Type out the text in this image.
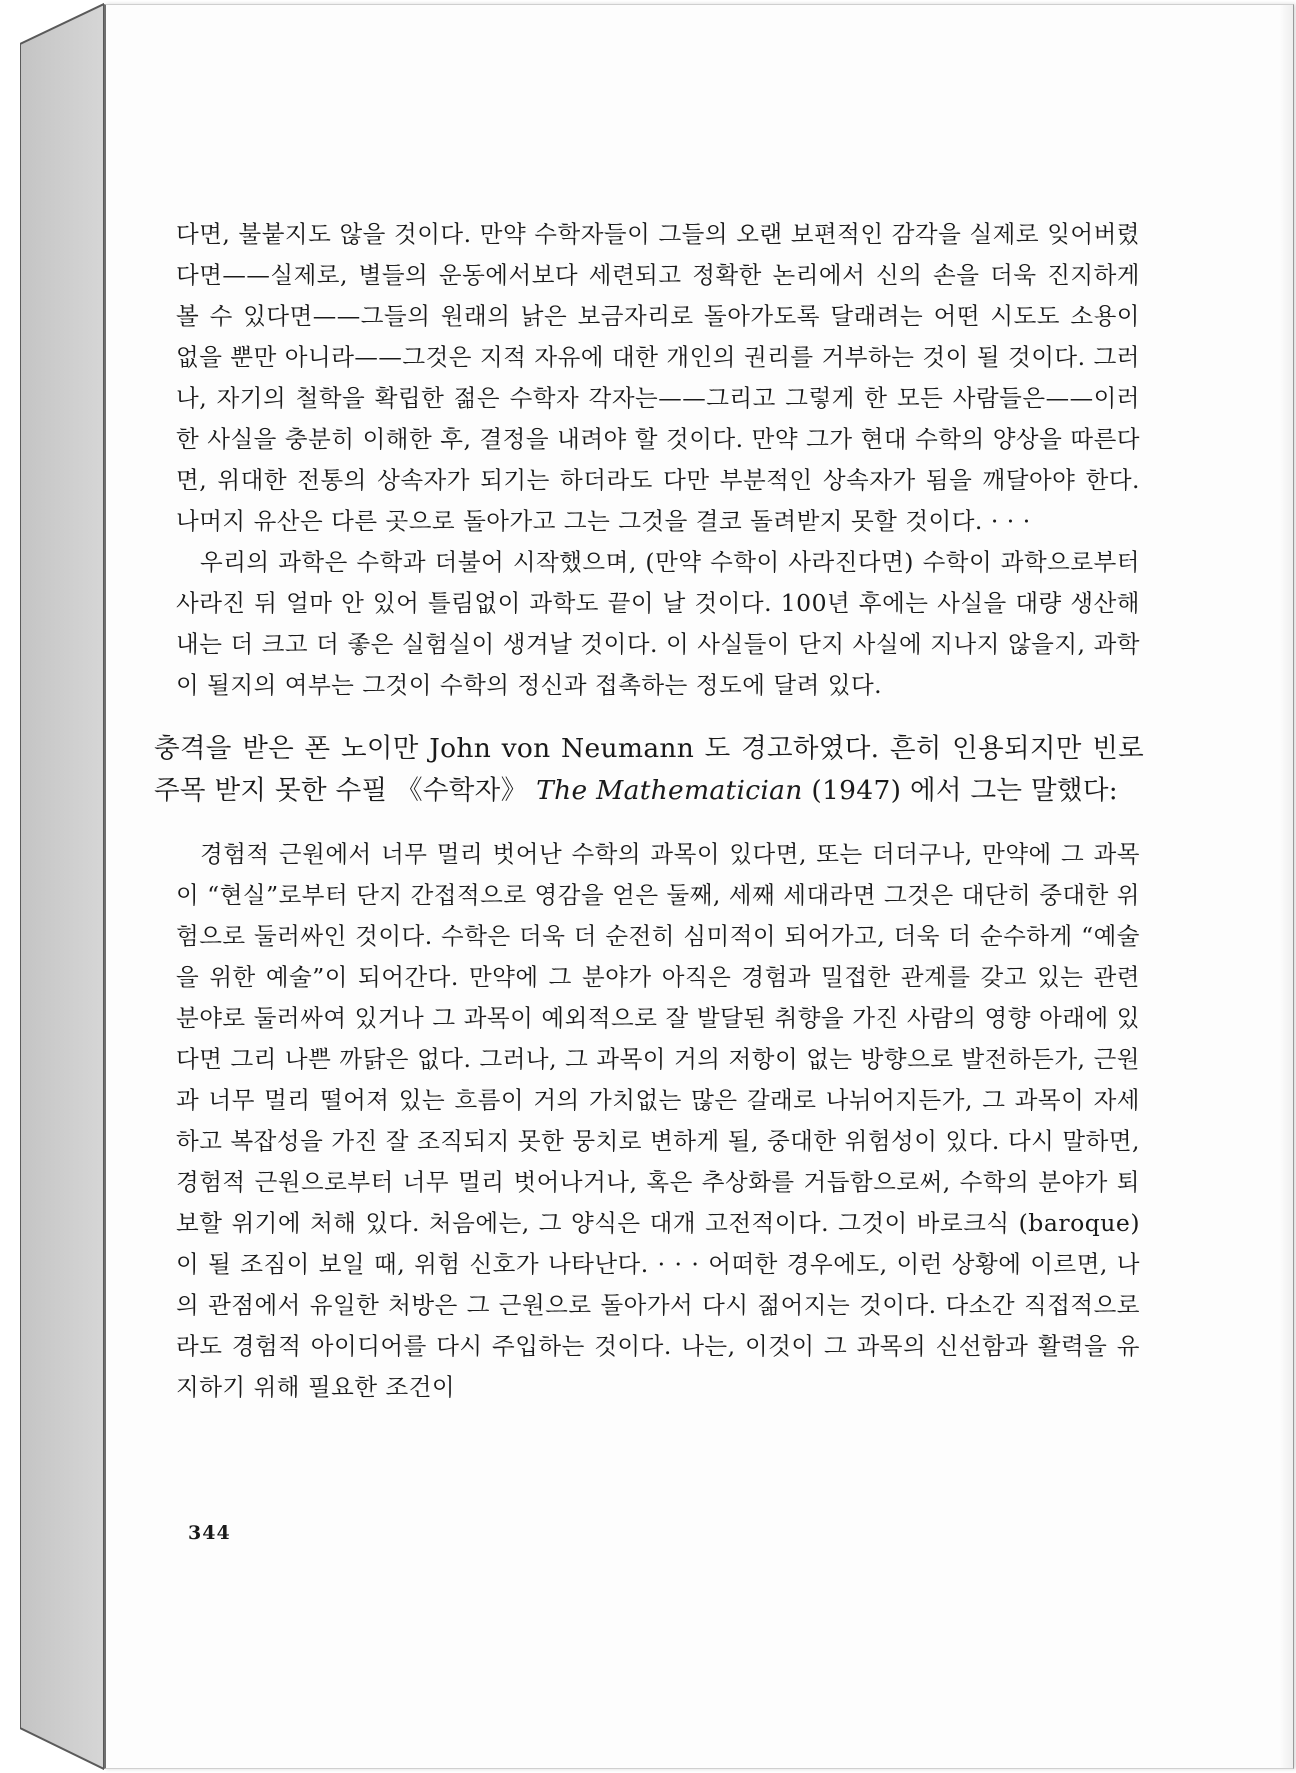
다면, 불붙지도 않을 것이다. 만약 수학자들이 그들의 오랜 보편적인 감각을 실제로 잊어버렸다면——실제로, 별들의 운동에서보다 세련되고 정확한 논리에서 신의 손을 더욱 진지하게 볼 수 있다면——그들의 원래의 낡은 보금자리로 돌아가도록 달래려는 어떤 시도도 소용이 없을 뿐만 아니라——그것은 지적 자유에 대한 개인의 권리를 거부하는 것이 될 것이다. 그러나, 자기의 철학을 확립한 젊은 수학자 각자는——그리고 그렇게 한 모든 사람들은——이러한 사실을 충분히 이해한 후, 결정을 내려야 할 것이다. 만약 그가 현대 수학의 양상을 따른다면, 위대한 전통의 상속자가 되기는 하더라도 다만 부분적인 상속자가 됨을 깨달아야 한다. 나머지 유산은 다른 곳으로 돌아가고 그는 그것을 결코 돌려받지 못할 것이다. · · ·

우리의 과학은 수학과 더불어 시작했으며, (만약 수학이 사라진다면) 수학이 과학으로부터 사라진 뒤 얼마 안 있어 틀림없이 과학도 끝이 날 것이다. 100년 후에는 사실을 대량 생산해 내는 더 크고 더 좋은 실험실이 생겨날 것이다. 이 사실들이 단지 사실에 지나지 않을지, 과학이 될지의 여부는 그것이 수학의 정신과 접촉하는 정도에 달려 있다.

충격을 받은 폰 노이만 John von Neumann 도 경고하였다. 흔히 인용되지만 빈로 주목 받지 못한 수필 《수학자》 The Mathematician (1947) 에서 그는 말했다:

경험적 근원에서 너무 멀리 벗어난 수학의 과목이 있다면, 또는 더더구나, 만약에 그 과목이 “현실”로부터 단지 간접적으로 영감을 얻은 둘째, 세째 세대라면 그것은 대단히 중대한 위험으로 둘러싸인 것이다. 수학은 더욱 더 순전히 심미적이 되어가고, 더욱 더 순수하게 “예술을 위한 예술”이 되어간다. 만약에 그 분야가 아직은 경험과 밀접한 관계를 갖고 있는 관련 분야로 둘러싸여 있거나 그 과목이 예외적으로 잘 발달된 취향을 가진 사람의 영향 아래에 있다면 그리 나쁜 까닭은 없다. 그러나, 그 과목이 거의 저항이 없는 방향으로 발전하든가, 근원과 너무 멀리 떨어져 있는 흐름이 거의 가치없는 많은 갈래로 나뉘어지든가, 그 과목이 자세하고 복잡성을 가진 잘 조직되지 못한 뭉치로 변하게 될, 중대한 위험성이 있다. 다시 말하면, 경험적 근원으로부터 너무 멀리 벗어나거나, 혹은 추상화를 거듭함으로써, 수학의 분야가 퇴보할 위기에 처해 있다. 처음에는, 그 양식은 대개 고전적이다. 그것이 바로크식 (baroque)이 될 조짐이 보일 때, 위험 신호가 나타난다. · · · 어떠한 경우에도, 이런 상황에 이르면, 나의 관점에서 유일한 처방은 그 근원으로 돌아가서 다시 젊어지는 것이다. 다소간 직접적으로라도 경험적 아이디어를 다시 주입하는 것이다. 나는, 이것이 그 과목의 신선함과 활력을 유지하기 위해 필요한 조건이

344
